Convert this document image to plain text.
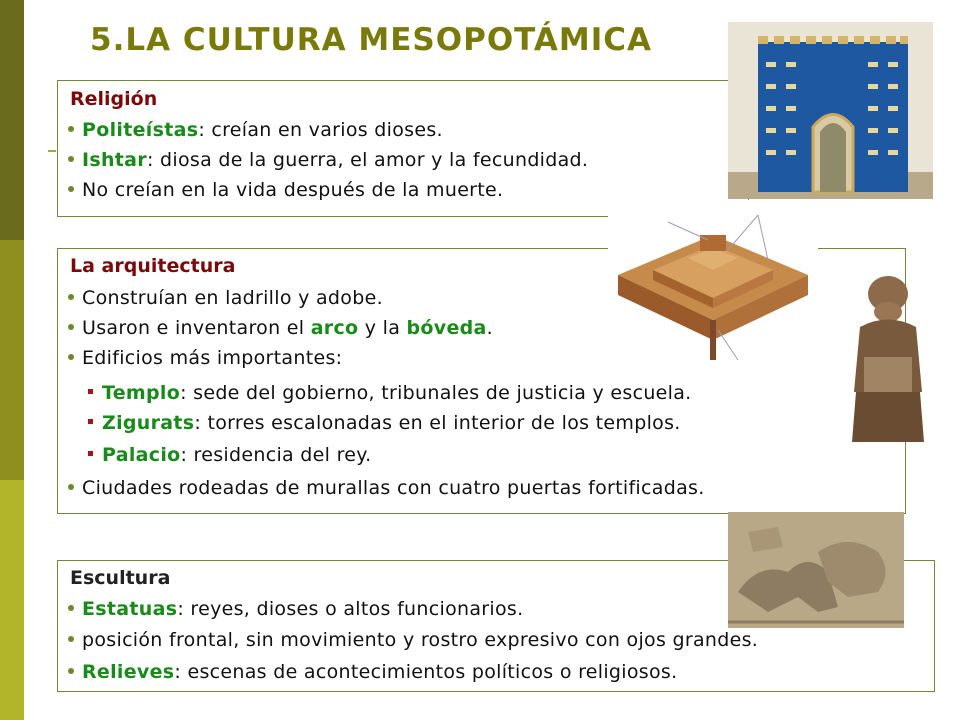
5.LA CULTURA MESOPOTÁMICA
Religión
Politeístas: creían en varios dioses.
Ishtar: diosa de la guerra, el amor y la fecundidad.
No creían en la vida después de la muerte.
La arquitectura
Construían en ladrillo y adobe.
Usaron e inventaron el arco y la bóveda.
Edificios más importantes:
Templo: sede del gobierno, tribunales de justicia y escuela.
Zigurats: torres escalonadas en el interior de los templos.
Palacio: residencia del rey.
Ciudades rodeadas de murallas con cuatro puertas fortificadas.
Escultura
Estatuas: reyes, dioses o altos funcionarios.
posición frontal, sin movimiento y rostro expresivo con ojos grandes.
Relieves: escenas de acontecimientos políticos o religiosos.
